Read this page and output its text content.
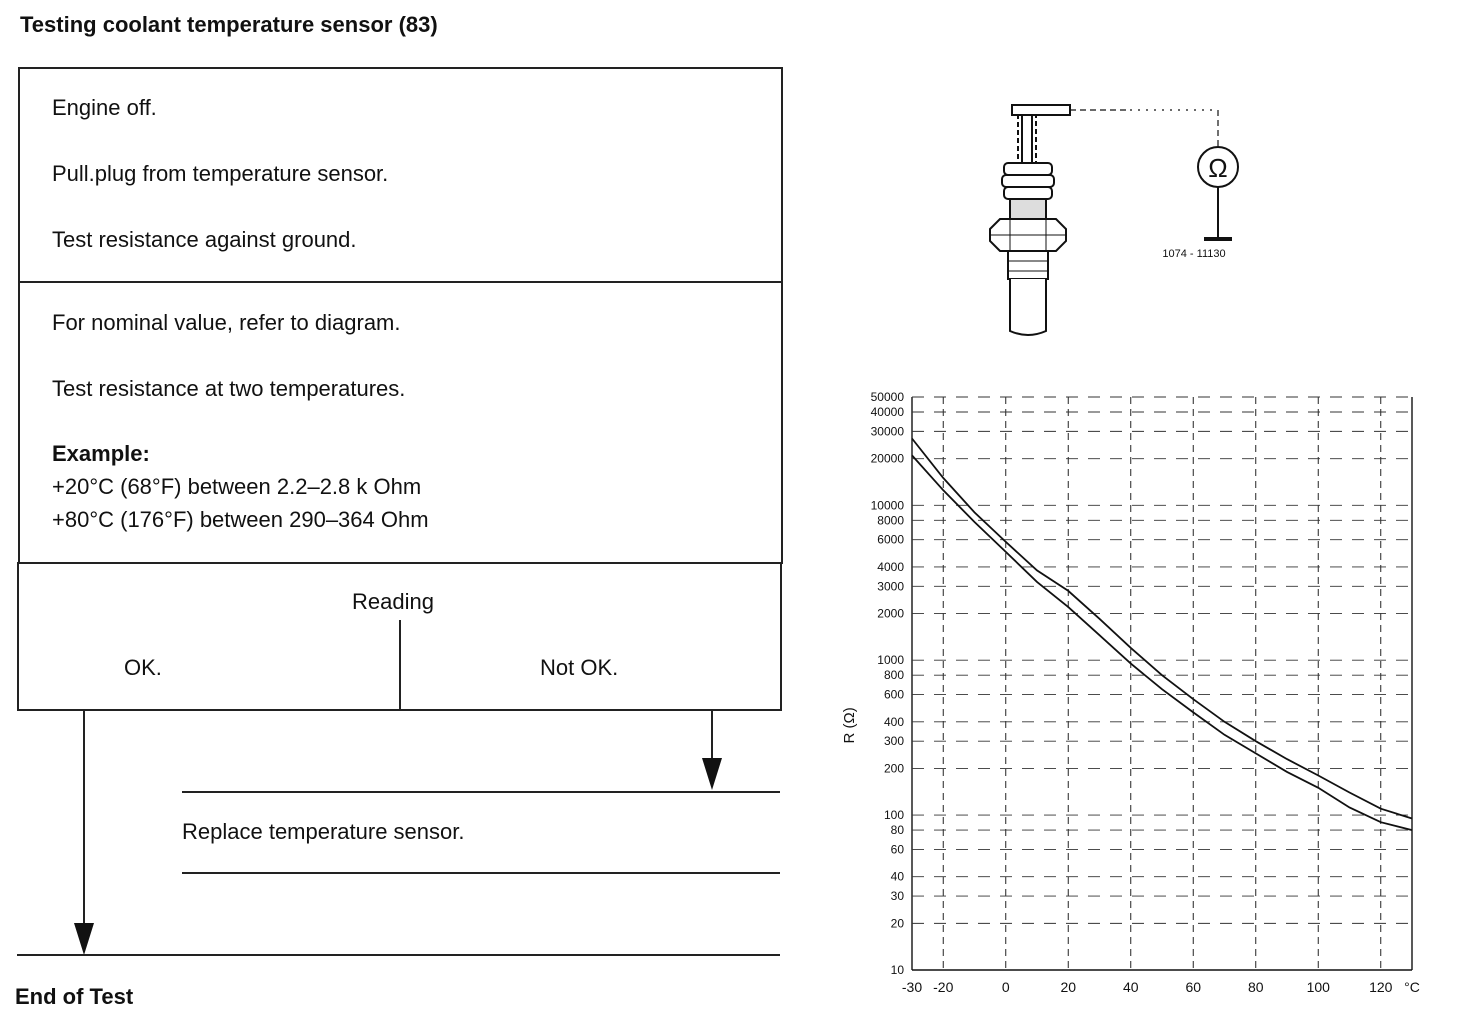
Testing coolant temperature sensor (83)
Engine off.
Pull.plug from temperature sensor.
Test resistance against ground.
For nominal value, refer to diagram.
Test resistance at two temperatures.
Example:
+20°C (68°F) between 2.2–2.8 k Ohm
+80°C (176°F) between 290–364 Ohm
Reading
OK.	Not OK.
Replace temperature sensor.
End of Test
Ω
1074 - 11130
50000
40000
30000
20000
10000
8000
6000
4000
3000
2000
1000
800
600
400
300
200
100
80
60
40
30
20
10
-30 -20	0	20	40	60	80	100	120 °C
R (Ω)
